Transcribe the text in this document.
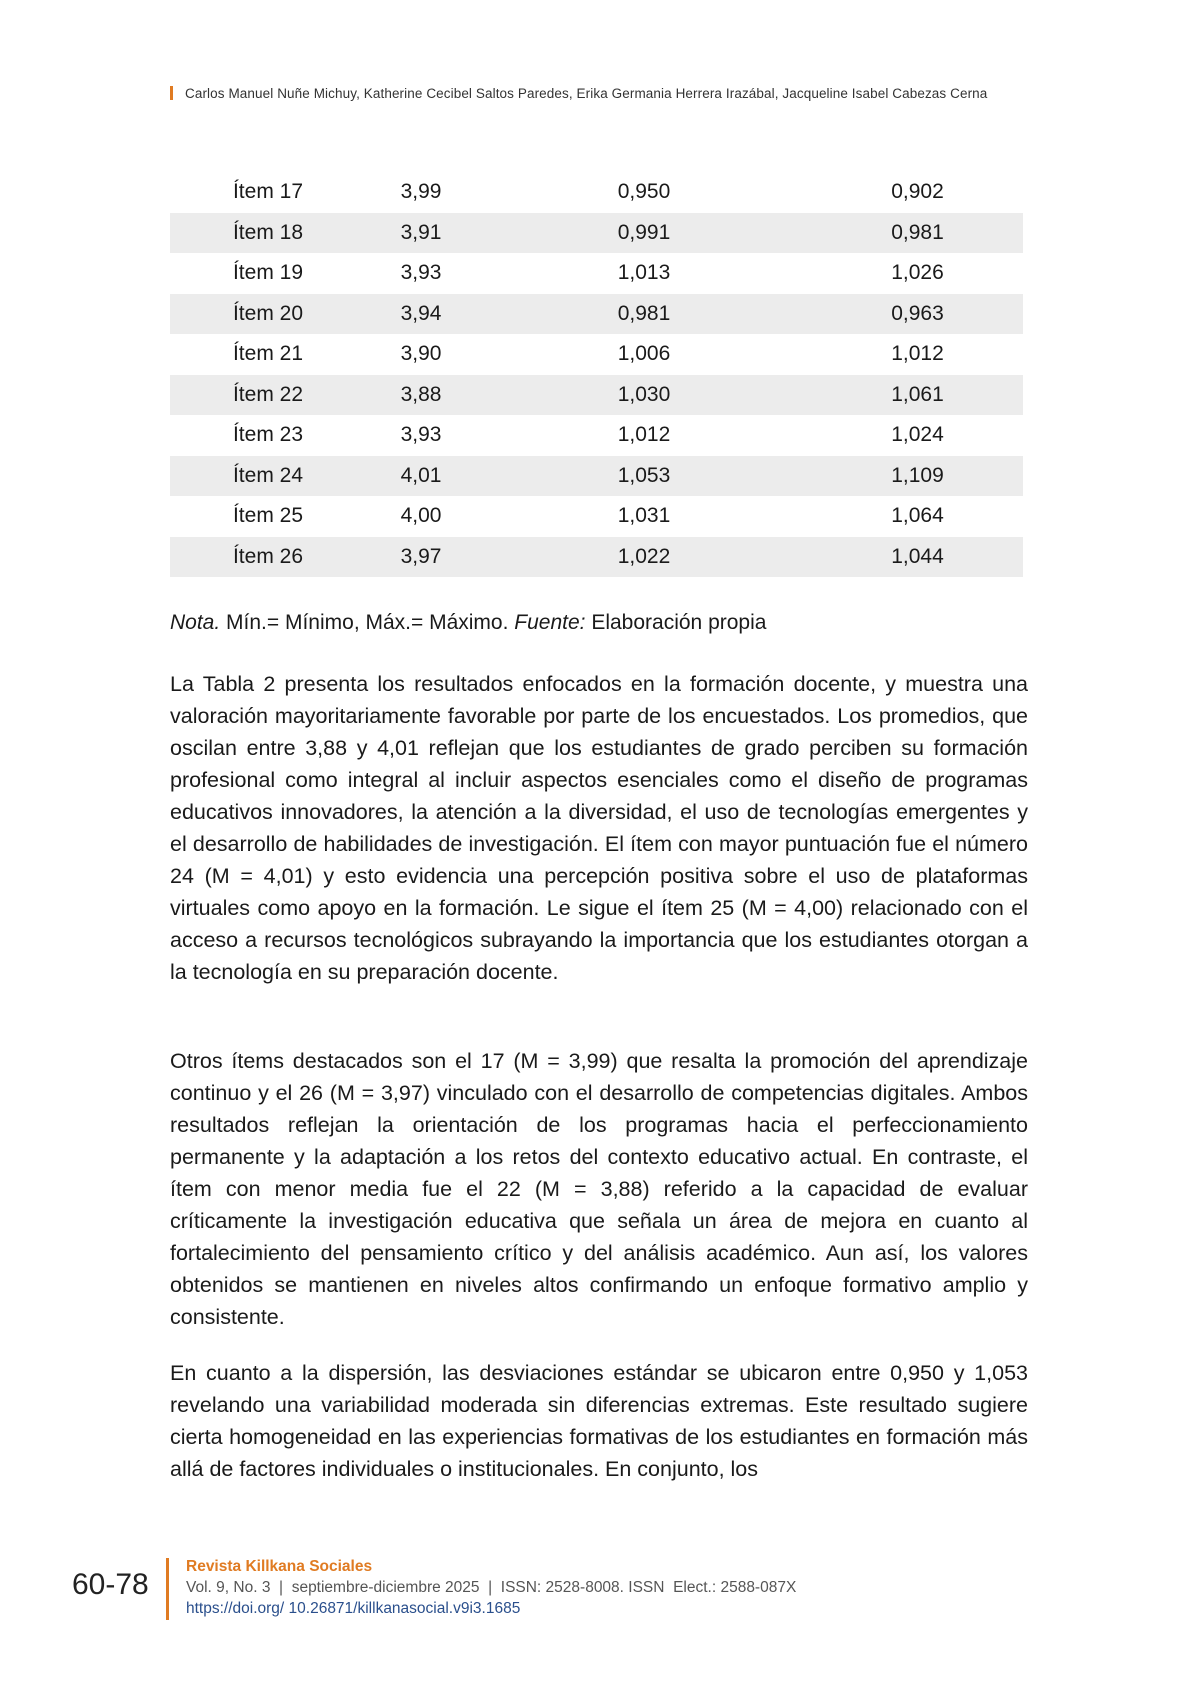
Carlos Manuel Nuñe Michuy, Katherine Cecibel Saltos Paredes, Erika Germania Herrera Irazábal, Jacqueline Isabel Cabezas Cerna
Ítem 17	3,99	0,950	0,902
Ítem 18	3,91	0,991	0,981
Ítem 19	3,93	1,013	1,026
Ítem 20	3,94	0,981	0,963
Ítem 21	3,90	1,006	1,012
Ítem 22	3,88	1,030	1,061
Ítem 23	3,93	1,012	1,024
Ítem 24	4,01	1,053	1,109
Ítem 25	4,00	1,031	1,064
Ítem 26	3,97	1,022	1,044
Nota. Mín.= Mínimo, Máx.= Máximo. Fuente: Elaboración propia

La Tabla 2 presenta los resultados enfocados en la formación docente, y muestra una valoración mayoritariamente favorable por parte de los encuestados. Los promedios, que oscilan entre 3,88 y 4,01 reflejan que los estudiantes de grado perciben su formación profesional como integral al incluir aspectos esenciales como el diseño de programas educativos innovadores, la atención a la diversidad, el uso de tecnologías emergentes y el desarrollo de habilidades de investigación. El ítem con mayor puntuación fue el número 24 (M = 4,01) y esto evidencia una percepción positiva sobre el uso de plataformas virtuales como apoyo en la formación. Le sigue el ítem 25 (M = 4,00) relacionado con el acceso a recursos tecnológicos subrayando la importancia que los estudiantes otorgan a la tecnología en su preparación docente.

Otros ítems destacados son el 17 (M = 3,99) que resalta la promoción del aprendizaje continuo y el 26 (M = 3,97) vinculado con el desarrollo de competencias digitales. Ambos resultados reflejan la orientación de los programas hacia el perfeccionamiento permanente y la adaptación a los retos del contexto educativo actual. En contraste, el ítem con menor media fue el 22 (M = 3,88) referido a la capacidad de evaluar críticamente la investigación educativa que señala un área de mejora en cuanto al fortalecimiento del pensamiento crítico y del análisis académico. Aun así, los valores obtenidos se mantienen en niveles altos confirmando un enfoque formativo amplio y consistente.

En cuanto a la dispersión, las desviaciones estándar se ubicaron entre 0,950 y 1,053 revelando una variabilidad moderada sin diferencias extremas. Este resultado sugiere cierta homogeneidad en las experiencias formativas de los estudiantes en formación más allá de factores individuales o institucionales. En conjunto, los

60-78
Revista Killkana Sociales
Vol. 9, No. 3  |  septiembre-diciembre 2025  |  ISSN: 2528-8008. ISSN  Elect.: 2588-087X
https://doi.org/ 10.26871/killkanasocial.v9i3.1685
